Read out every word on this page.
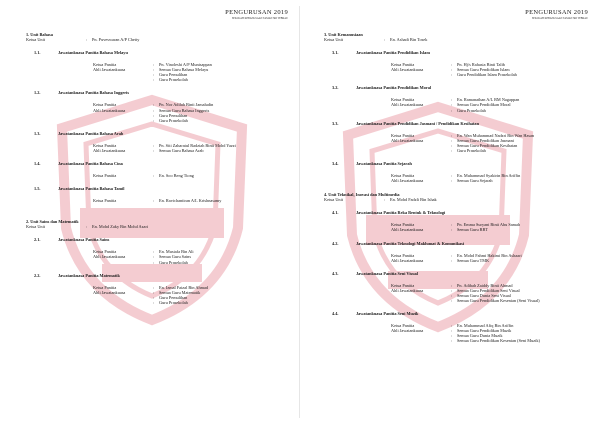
PENGURUSAN 2019
SEKOLAH KEBANGSAAN TAMAN SRI TEBRAU
1. Unit Bahasa
Ketua Unit	:	Pn. Puveswaran A/P Chetty
1.1.	Jawatankuasa Panitia Bahasa Melayu
Ketua Panitia	:	Pn. Vinoleshi A/P Munisappan
Ahli Jawatankuasa	:	Semua Guru Bahasa Melayu
:	Guru Pemulihan
:	Guru Prasekolah
1.2.	Jawatankuasa Panitia Bahasa Inggeris
Ketua Panitia	:	Pn. Nor Adilah Binti Jamaludin
Ahli Jawatankuasa	:	Semua Guru Bahasa Inggeris
:	Guru Pemulihan
:	Guru Prasekolah
1.3.	Jawatankuasa Panitia Bahasa Arab
Ketua Panitia	:	Pn. Siti Zaharatul Radziah Binti Mohd Yazzi
Ahli Jawatankuasa	:	Semua Guru Bahasa Arab
1.4.	Jawatankuasa Panitia Bahasa Cina
Ketua Panitia	:	En. Soo Beng Tiong
1.5.	Jawatankuasa Panitia Bahasa Tamil
Ketua Panitia	:	En. Ravichantiran A/L Krishnasamy
2. Unit Sains dan Matematik
Ketua Unit	:	En. Mohd Zaky Bin Mohd Azari
2.1.	Jawatankuasa Panitia Sains
Ketua Panitia	:	En. Mustafa Bin Ali
Ahli Jawatankuasa	:	Semua Guru Sains
:	Guru Prasekolah
2.2.	Jawatankuasa Panitia Matematik
Ketua Panitia	:	En. Izmal Faizal Bin Ahmad
Ahli Jawatankuasa	:	Semua Guru Matematik
:	Guru Pemulihan
:	Guru Prasekolah
PENGURUSAN 2019
SEKOLAH KEBANGSAAN TAMAN SRI TEBRAU
3. Unit Kemanusiaan
Ketua Unit	:	En. Ashadi Bin Tosek
3.1.	Jawatankuasa Panitia Pendidikan Islam
Ketua Panitia	:	Pn. Hj/s Rahasia Binti Talib
Ahli Jawatankuasa	:	Semua Guru Pendidikan Islam
:	Guru Pendidikan Islam Prasekolah
3.2.	Jawatankuasa Panitia Pendidikan Moral
Ketua Panitia	:	En. Ramanathan A/L RM Nagappan
Ahli Jawatankuasa	:	Semua Guru Pendidikan Moral
:	Guru Prasekolah
3.3.	Jawatankuasa Panitia Pendidikan Jasmani / Pendidikan Kesihatan
Ketua Panitia	:	En. Wan Muhammad Nadzri Bin Wan Hasan
Ahli Jawatankuasa	:	Semua Guru Pendidikan Jasmani
:	Semua Guru Pendidikan Kesihatan
:	Guru Prasekolah
3.4.	Jawatankuasa Panitia Sejarah
Ketua Panitia	:	En. Muhammad Syakirin Bin Ariffin
Ahli Jawatankuasa	:	Semua Guru Sejarah
4. Unit Teknikal, Inovasi dan Multimedia
Ketua Unit	:	En. Mohd Fadzli Bin Ishak
4.1.	Jawatankuasa Panitia Reka Bentuk & Teknologi
Ketua Panitia	:	Pn. Emma Suryani Binti Abu Samah
Ahli Jawatankuasa	:	Semua Guru RBT
4.2.	Jawatankuasa Panitia Teknologi Maklumat & Komunikasi
Ketua Panitia	:	En. Mohd Fahmi Hakimi Bin Ashaari
Ahli Jawatankuasa	:	Semua Guru TMK
4.3.	Jawatankuasa Panitia Seni Visual
Ketua Panitia	:	Pn. Adibah Zaiddy Binti Ahmad
Ahli Jawatankuasa	:	Semua Guru Pendidikan Seni Visual
:	Semua Guru Dunia Seni Visual
:	Semua Guru Pendidikan Kesenian (Seni Visual)
4.4.	Jawatankuasa Panitia Seni Muzik
Ketua Panitia	:	En. Muhammad Afiq Bin Ariffin
Ahli Jawatankuasa	:	Semua Guru Pendidikan Muzik
:	Semua Guru Dunia Muzik
:	Semua Guru Pendidikan Kesenian (Seni Muzik)
